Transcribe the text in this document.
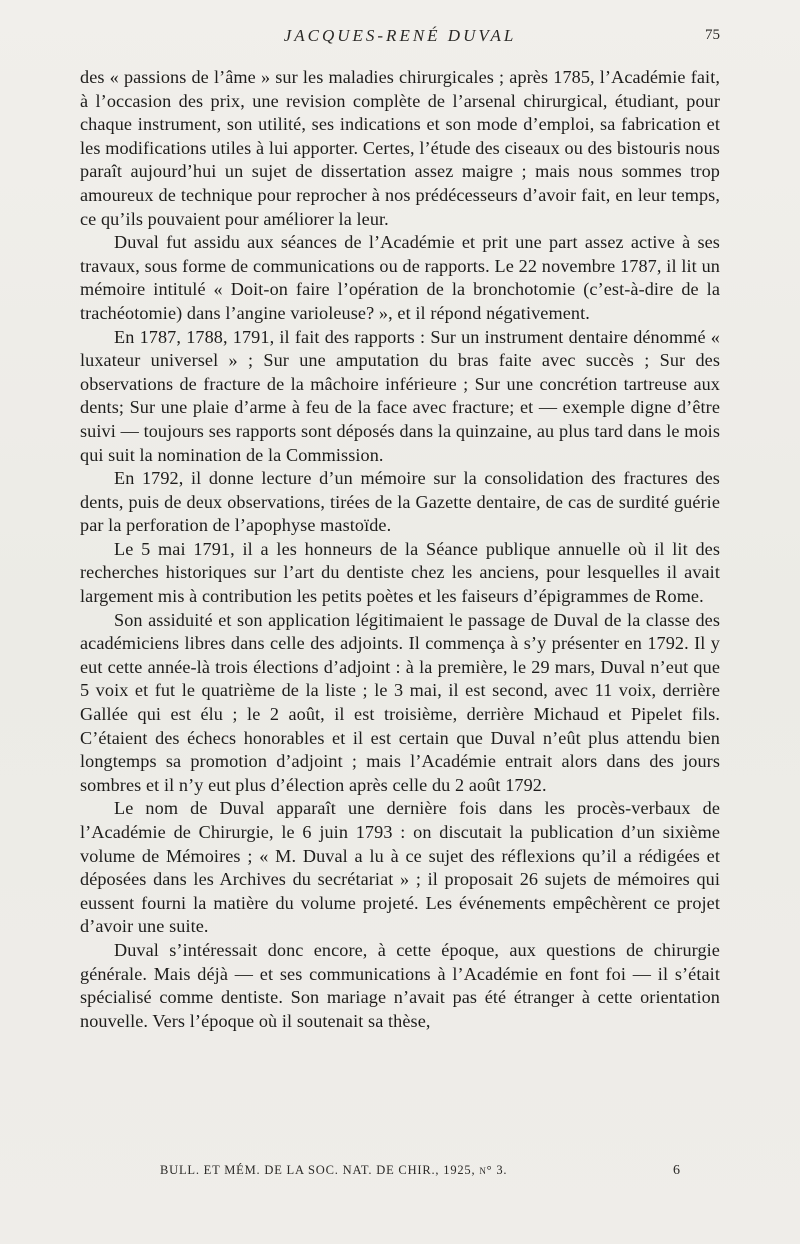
JACQUES-RENÉ DUVAL	75

des « passions de l’âme » sur les maladies chirurgicales ; après 1785, l’Académie fait, à l’occasion des prix, une revision complète de l’arsenal chirurgical, étudiant, pour chaque instrument, son utilité, ses indications et son mode d’emploi, sa fabrication et les modifications utiles à lui apporter. Certes, l’étude des ciseaux ou des bistouris nous paraît aujourd’hui un sujet de dissertation assez maigre ; mais nous sommes trop amoureux de technique pour reprocher à nos prédécesseurs d’avoir fait, en leur temps, ce qu’ils pouvaient pour améliorer la leur.

Duval fut assidu aux séances de l’Académie et prit une part assez active à ses travaux, sous forme de communications ou de rapports. Le 22 novembre 1787, il lit un mémoire intitulé « Doit-on faire l’opération de la bronchotomie (c’est-à-dire de la trachéotomie) dans l’angine varioleuse? », et il répond négativement.

En 1787, 1788, 1791, il fait des rapports : Sur un instrument dentaire dénommé « luxateur universel » ; Sur une amputation du bras faite avec succès ; Sur des observations de fracture de la mâchoire inférieure ; Sur une concrétion tartreuse aux dents; Sur une plaie d’arme à feu de la face avec fracture; et — exemple digne d’être suivi — toujours ses rapports sont déposés dans la quinzaine, au plus tard dans le mois qui suit la nomination de la Commission.

En 1792, il donne lecture d’un mémoire sur la consolidation des fractures des dents, puis de deux observations, tirées de la Gazette dentaire, de cas de surdité guérie par la perforation de l’apophyse mastoïde.

Le 5 mai 1791, il a les honneurs de la Séance publique annuelle où il lit des recherches historiques sur l’art du dentiste chez les anciens, pour lesquelles il avait largement mis à contribution les petits poètes et les faiseurs d’épigrammes de Rome.

Son assiduité et son application légitimaient le passage de Duval de la classe des académiciens libres dans celle des adjoints. Il commença à s’y présenter en 1792. Il y eut cette année-là trois élections d’adjoint : à la première, le 29 mars, Duval n’eut que 5 voix et fut le quatrième de la liste ; le 3 mai, il est second, avec 11 voix, derrière Gallée qui est élu ; le 2 août, il est troisième, derrière Michaud et Pipelet fils. C’étaient des échecs honorables et il est certain que Duval n’eût plus attendu bien longtemps sa promotion d’adjoint ; mais l’Académie entrait alors dans des jours sombres et il n’y eut plus d’élection après celle du 2 août 1792.

Le nom de Duval apparaît une dernière fois dans les procès-verbaux de l’Académie de Chirurgie, le 6 juin 1793 : on discutait la publication d’un sixième volume de Mémoires ; « M. Duval a lu à ce sujet des réflexions qu’il a rédigées et déposées dans les Archives du secrétariat » ; il proposait 26 sujets de mémoires qui eussent fourni la matière du volume projeté. Les événements empêchèrent ce projet d’avoir une suite.

Duval s’intéressait donc encore, à cette époque, aux questions de chirurgie générale. Mais déjà — et ses communications à l’Académie en font foi — il s’était spécialisé comme dentiste. Son mariage n’avait pas été étranger à cette orientation nouvelle. Vers l’époque où il soutenait sa thèse,

BULL. ET MÉM. DE LA SOC. NAT. DE CHIR., 1925, n° 3.	6
